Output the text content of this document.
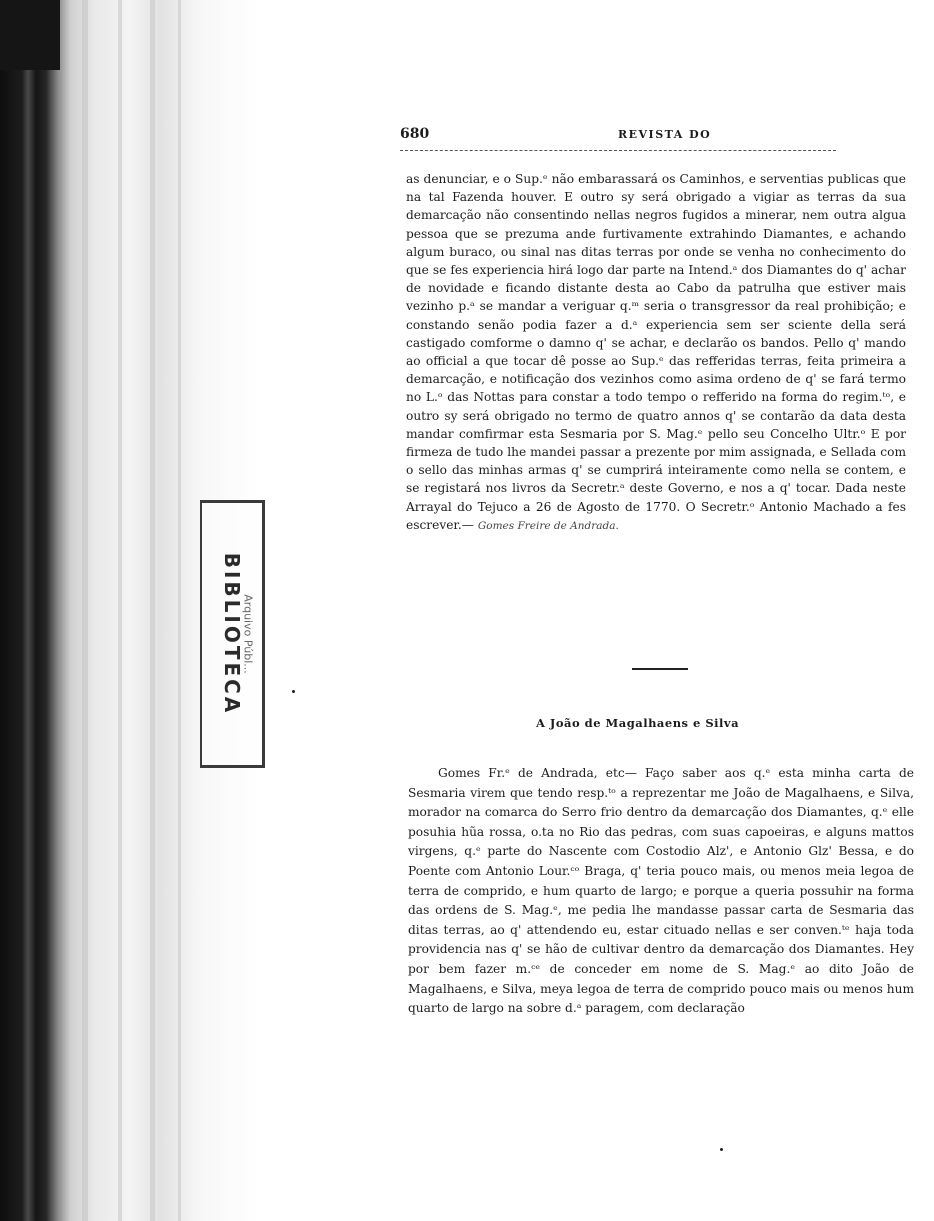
Arquivo Públ...
BIBLIOTECA
680	REVISTA DO

as denunciar, e o Sup.ᵉ não embarassará os Caminhos, e serventias publicas que na tal Fazenda houver. E outro sy será obrigado a vigiar as terras da sua demarcação não consentindo nellas negros fugidos a minerar, nem outra algua pessoa que se prezuma ande furtivamente extrahindo Diamantes, e achando algum buraco, ou sinal nas ditas terras por onde se venha no conhecimento do que se fes experiencia hirá logo dar parte na Intend.ᵃ dos Diamantes do q' achar de novidade e ficando distante desta ao Cabo da patrulha que estiver mais vezinho p.ᵃ se mandar a veriguar q.ᵐ seria o transgressor da real prohibição; e constando senão podia fazer a d.ᵃ experiencia sem ser sciente della será castigado comforme o damno q' se achar, e declarão os bandos. Pello q' mando ao official a que tocar dê posse ao Sup.ᵉ das refferidas terras, feita primeira a demarcação, e notificação dos vezinhos como asima ordeno de q' se fará termo no L.ᵒ das Nottas para constar a todo tempo o refferido na forma do regim.ᵗᵒ, e outro sy será obrigado no termo de quatro annos q' se contarão da data desta mandar comfirmar esta Sesmaria por S. Mag.ᵉ pello seu Concelho Ultr.ᵒ E por firmeza de tudo lhe mandei passar a prezente por mim assignada, e Sellada com o sello das minhas armas q' se cumprirá inteiramente como nella se contem, e se registará nos livros da Secretr.ᵃ deste Governo, e nos a q' tocar. Dada neste Arrayal do Tejuco a 26 de Agosto de 1770. O Secretr.ᵒ Antonio Machado a fes escrever.— Gomes Freire de Andrada.

A João de Magalhaens e Silva

Gomes Fr.ᵉ de Andrada, etc— Faço saber aos q.ᵉ esta minha carta de Sesmaria virem que tendo resp.ᵗᵒ a reprezentar me João de Magalhaens, e Silva, morador na comarca do Serro frio dentro da demarcação dos Diamantes, q.ᵉ elle posuhia hũa rossa, o.ta no Rio das pedras, com suas capoeiras, e alguns mattos virgens, q.ᵉ parte do Nascente com Costodio Alz', e Antonio Glz' Bessa, e do Poente com Antonio Lour.ᶜᵒ Braga, q' teria pouco mais, ou menos meia legoa de terra de comprido, e hum quarto de largo; e porque a queria possuhir na forma das ordens de S. Mag.ᵉ, me pedia lhe mandasse passar carta de Sesmaria das ditas terras, ao q' attendendo eu, estar cituado nellas e ser conven.ᵗᵉ haja toda providencia nas q' se hão de cultivar dentro da demarcação dos Diamantes. Hey por bem fazer m.ᶜᵉ de conceder em nome de S. Mag.ᵉ ao dito João de Magalhaens, e Silva, meya legoa de terra de comprido pouco mais ou menos hum quarto de largo na sobre d.ᵃ paragem, com declaração
